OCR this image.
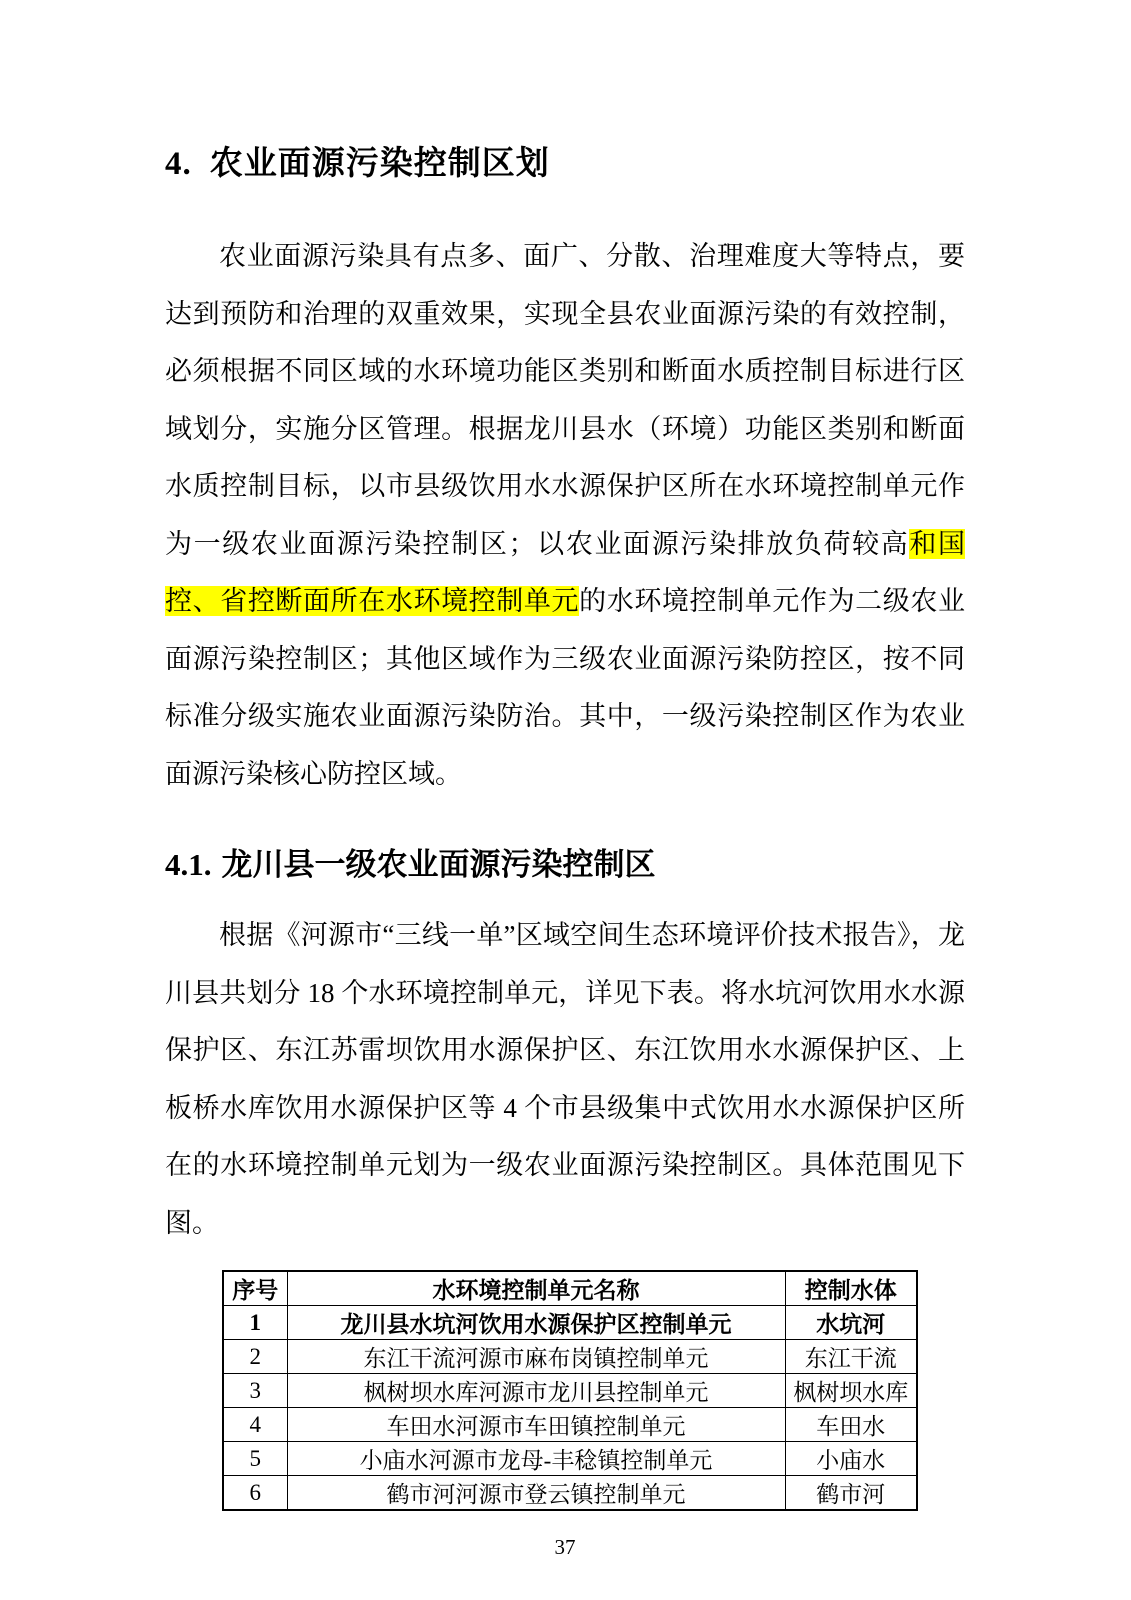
4. 农业面源污染控制区划

农业面源污染具有点多、面广、分散、治理难度大等特点，要达到预防和治理的双重效果，实现全县农业面源污染的有效控制，必须根据不同区域的水环境功能区类别和断面水质控制目标进行区域划分，实施分区管理。根据龙川县水（环境）功能区类别和断面水质控制目标，以市县级饮用水水源保护区所在水环境控制单元作为一级农业面源污染控制区；以农业面源污染排放负荷较高和国控、省控断面所在水环境控制单元的水环境控制单元作为二级农业面源污染控制区；其他区域作为三级农业面源污染防控区，按不同标准分级实施农业面源污染防治。其中，一级污染控制区作为农业面源污染核心防控区域。

4.1. 龙川县一级农业面源污染控制区

根据《河源市“三线一单”区域空间生态环境评价技术报告》，龙川县共划分 18 个水环境控制单元，详见下表。将水坑河饮用水水源保护区、东江苏雷坝饮用水源保护区、东江饮用水水源保护区、上板桥水库饮用水源保护区等 4 个市县级集中式饮用水水源保护区所在的水环境控制单元划为一级农业面源污染控制区。具体范围见下图。

序号	水环境控制单元名称	控制水体
1	龙川县水坑河饮用水源保护区控制单元	水坑河
2	东江干流河源市麻布岗镇控制单元	东江干流
3	枫树坝水库河源市龙川县控制单元	枫树坝水库
4	车田水河源市车田镇控制单元	车田水
5	小庙水河源市龙母-丰稔镇控制单元	小庙水
6	鹤市河河源市登云镇控制单元	鹤市河
37
